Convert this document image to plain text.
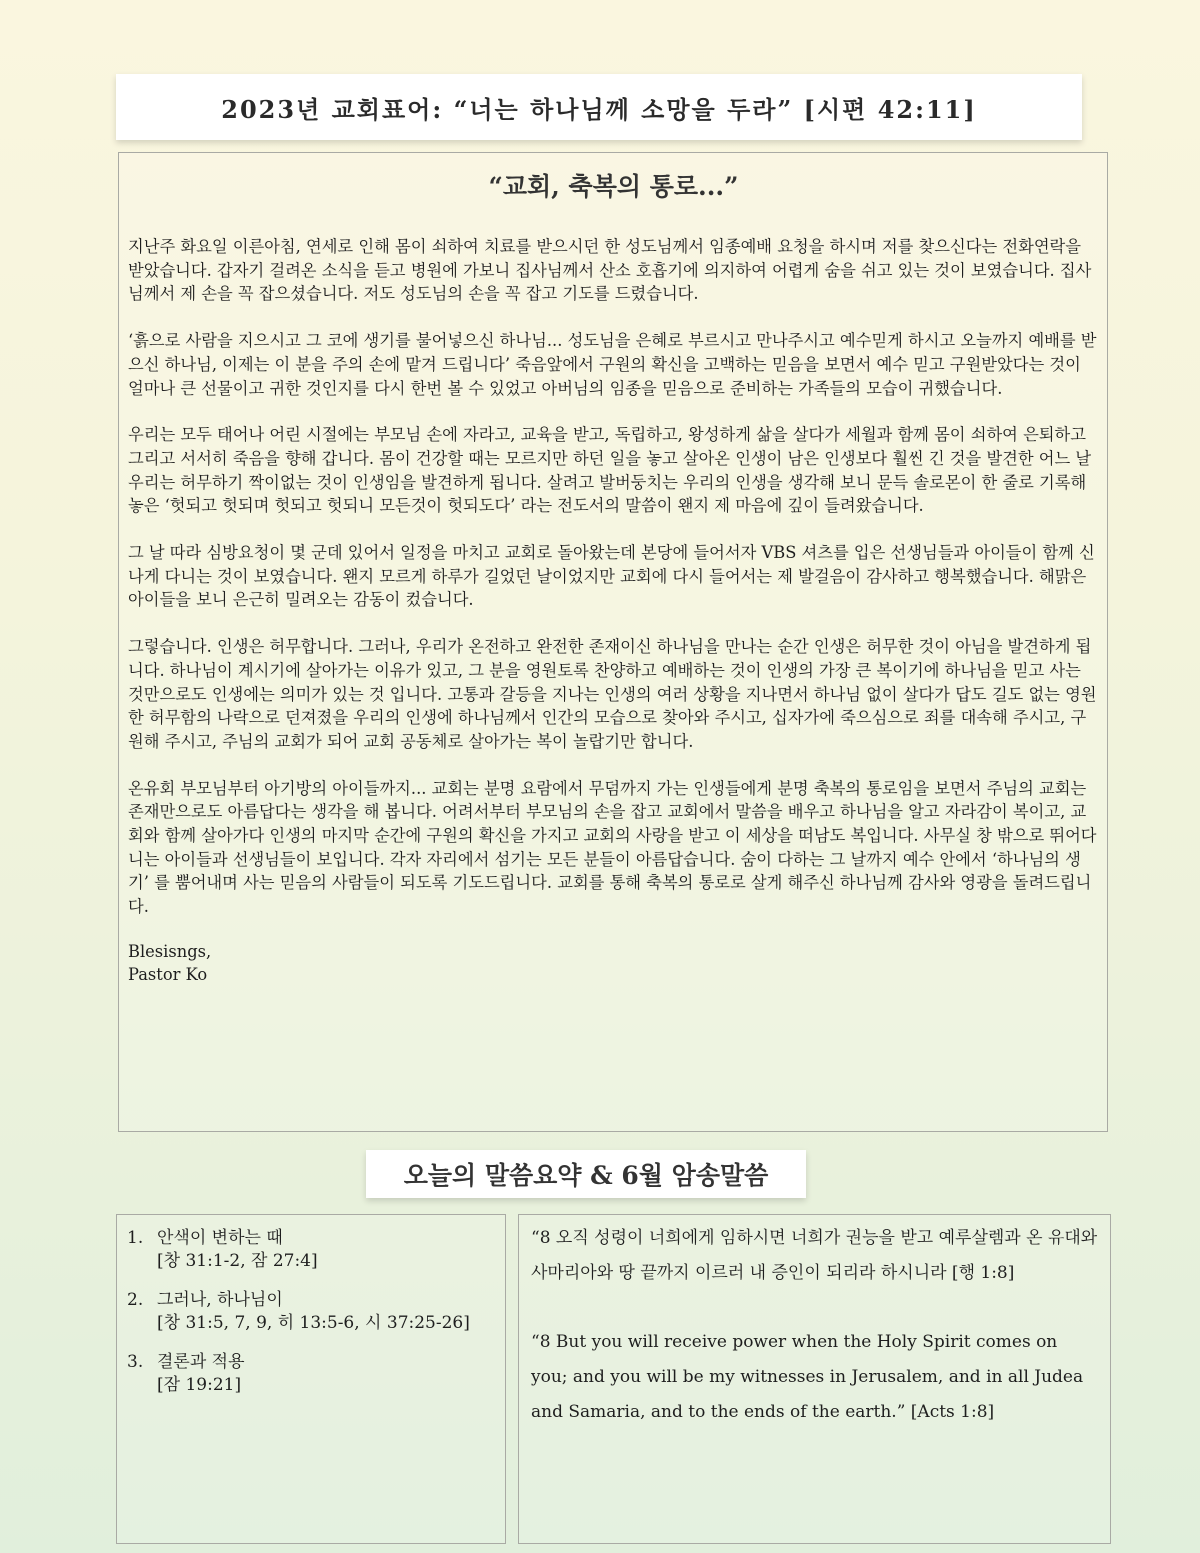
2023년 교회표어:
“너는 하나님께 소망을 두라”
[시편 42:11]
“교회, 축복의 통로...”

지난주 화요일 이른아침, 연세로 인해 몸이 쇠하여 치료를 받으시던 한 성도님께서 임종예배 요청을 하시며 저를 찾으신다는 전화연락을 받았습니다. 갑자기 걸려온 소식을 듣고 병원에 가보니 집사님께서 산소 호흡기에 의지하여 어렵게 숨을 쉬고 있는 것이 보였습니다. 집사님께서 제 손을 꼭 잡으셨습니다. 저도 성도님의 손을 꼭 잡고 기도를 드렸습니다.

‘흙으로 사람을 지으시고 그 코에 생기를 불어넣으신 하나님... 성도님을 은혜로 부르시고 만나주시고 예수믿게 하시고 오늘까지 예배를 받으신 하나님, 이제는 이 분을 주의 손에 맡겨 드립니다’ 죽음앞에서 구원의 확신을 고백하는 믿음을 보면서 예수 믿고 구원받았다는 것이 얼마나 큰 선물이고 귀한 것인지를 다시 한번 볼 수 있었고 아버님의 임종을 믿음으로 준비하는 가족들의 모습이 귀했습니다.

우리는 모두 태어나 어린 시절에는 부모님 손에 자라고, 교육을 받고, 독립하고, 왕성하게 삶을 살다가 세월과 함께 몸이 쇠하여 은퇴하고 그리고 서서히 죽음을 향해 갑니다. 몸이 건강할 때는 모르지만 하던 일을 놓고 살아온 인생이 남은 인생보다 훨씬 긴 것을 발견한 어느 날 우리는 허무하기 짝이없는 것이 인생임을 발견하게 됩니다. 살려고 발버둥치는 우리의 인생을 생각해 보니 문득 솔로몬이 한 줄로 기록해 놓은 ‘헛되고 헛되며 헛되고 헛되니 모든것이 헛되도다’ 라는 전도서의 말씀이 왠지 제 마음에 깊이 들려왔습니다.

그 날 따라 심방요청이 몇 군데 있어서 일정을 마치고 교회로 돌아왔는데 본당에 들어서자 VBS 셔츠를 입은 선생님들과 아이들이 함께 신나게 다니는 것이 보였습니다. 왠지 모르게 하루가 길었던 날이었지만 교회에 다시 들어서는 제 발걸음이 감사하고 행복했습니다. 해맑은 아이들을 보니 은근히 밀려오는 감동이 컸습니다.

그렇습니다. 인생은 허무합니다. 그러나, 우리가 온전하고 완전한 존재이신 하나님을 만나는 순간 인생은 허무한 것이 아님을 발견하게 됩니다. 하나님이 계시기에 살아가는 이유가 있고, 그 분을 영원토록 찬양하고 예배하는 것이 인생의 가장 큰 복이기에 하나님을 믿고 사는 것만으로도 인생에는 의미가 있는 것 입니다. 고통과 갈등을 지나는 인생의 여러 상황을 지나면서 하나님 없이 살다가 답도 길도 없는 영원한 허무함의 나락으로 던져졌을 우리의 인생에 하나님께서 인간의 모습으로 찾아와 주시고, 십자가에 죽으심으로 죄를 대속해 주시고, 구원해 주시고, 주님의 교회가 되어 교회 공동체로 살아가는 복이 놀랍기만 합니다.

온유회 부모님부터 아기방의 아이들까지... 교회는 분명 요람에서 무덤까지 가는 인생들에게 분명 축복의 통로임을 보면서 주님의 교회는 존재만으로도 아름답다는 생각을 해 봅니다. 어려서부터 부모님의 손을 잡고 교회에서 말씀을 배우고 하나님을 알고 자라감이 복이고, 교회와 함께 살아가다 인생의 마지막 순간에 구원의 확신을 가지고 교회의 사랑을 받고 이 세상을 떠남도 복입니다. 사무실 창 밖으로 뛰어다니는 아이들과 선생님들이 보입니다. 각자 자리에서 섬기는 모든 분들이 아름답습니다. 숨이 다하는 그 날까지 예수 안에서 ‘하나님의 생기’ 를 뿜어내며 사는 믿음의 사람들이 되도록 기도드립니다. 교회를 통해 축복의 통로로 살게 해주신 하나님께 감사와 영광을 돌려드립니다.

Blesisngs,
Pastor Ko
오늘의 말씀요약 & 6월 암송말씀
1. 안색이 변하는 때
[창 31:1-2, 잠 27:4]
2. 그러나, 하나님이
[창 31:5, 7, 9, 히 13:5-6, 시 37:25-26]
3. 결론과 적용
[잠 19:21]

“8 오직 성령이 너희에게 임하시면 너희가 권능을 받고 예루살렘과 온 유대와 사마리아와 땅 끝까지 이르러 내 증인이 되리라 하시니라 [행 1:8]

“8 But you will receive power when the Holy Spirit comes on you; and you will be my witnesses in Jerusalem, and in all Judea and Samaria, and to the ends of the earth.” [Acts 1:8]
